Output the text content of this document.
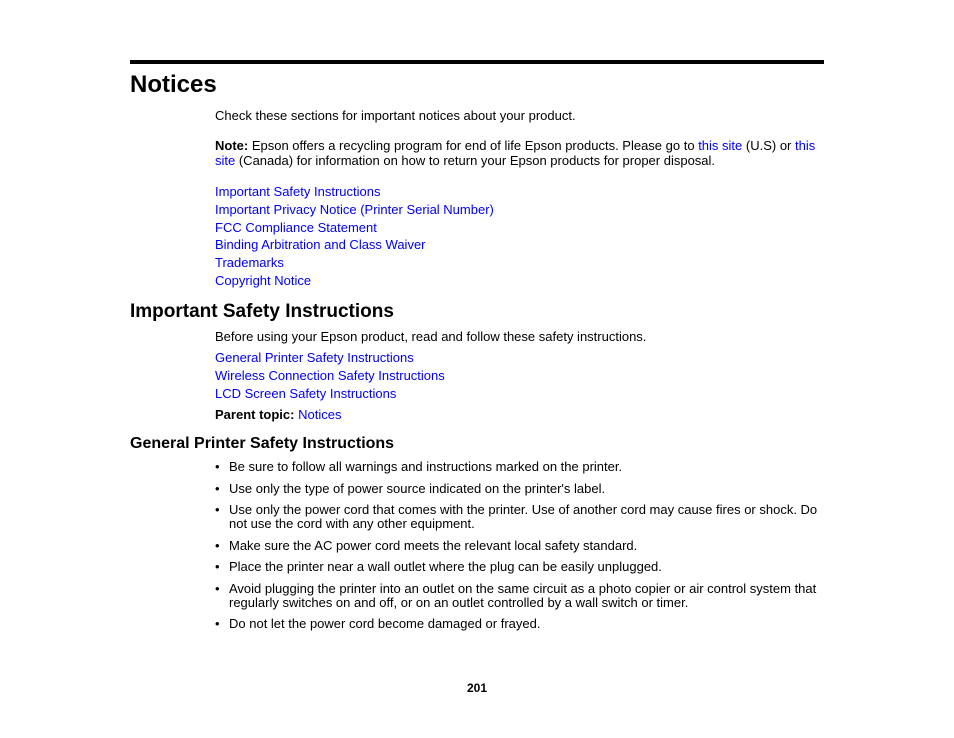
Notices

Check these sections for important notices about your product.

Note: Epson offers a recycling program for end of life Epson products. Please go to this site (U.S) or this site (Canada) for information on how to return your Epson products for proper disposal.

Important Safety Instructions
Important Privacy Notice (Printer Serial Number)
FCC Compliance Statement
Binding Arbitration and Class Waiver
Trademarks
Copyright Notice
Important Safety Instructions

Before using your Epson product, read and follow these safety instructions.

General Printer Safety Instructions
Wireless Connection Safety Instructions
LCD Screen Safety Instructions

Parent topic: Notices

General Printer Safety Instructions
• Be sure to follow all warnings and instructions marked on the printer.
• Use only the type of power source indicated on the printer's label.
• Use only the power cord that comes with the printer. Use of another cord may cause fires or shock. Do not use the cord with any other equipment.
• Make sure the AC power cord meets the relevant local safety standard.
• Place the printer near a wall outlet where the plug can be easily unplugged.
• Avoid plugging the printer into an outlet on the same circuit as a photo copier or air control system that regularly switches on and off, or on an outlet controlled by a wall switch or timer.
• Do not let the power cord become damaged or frayed.
201
